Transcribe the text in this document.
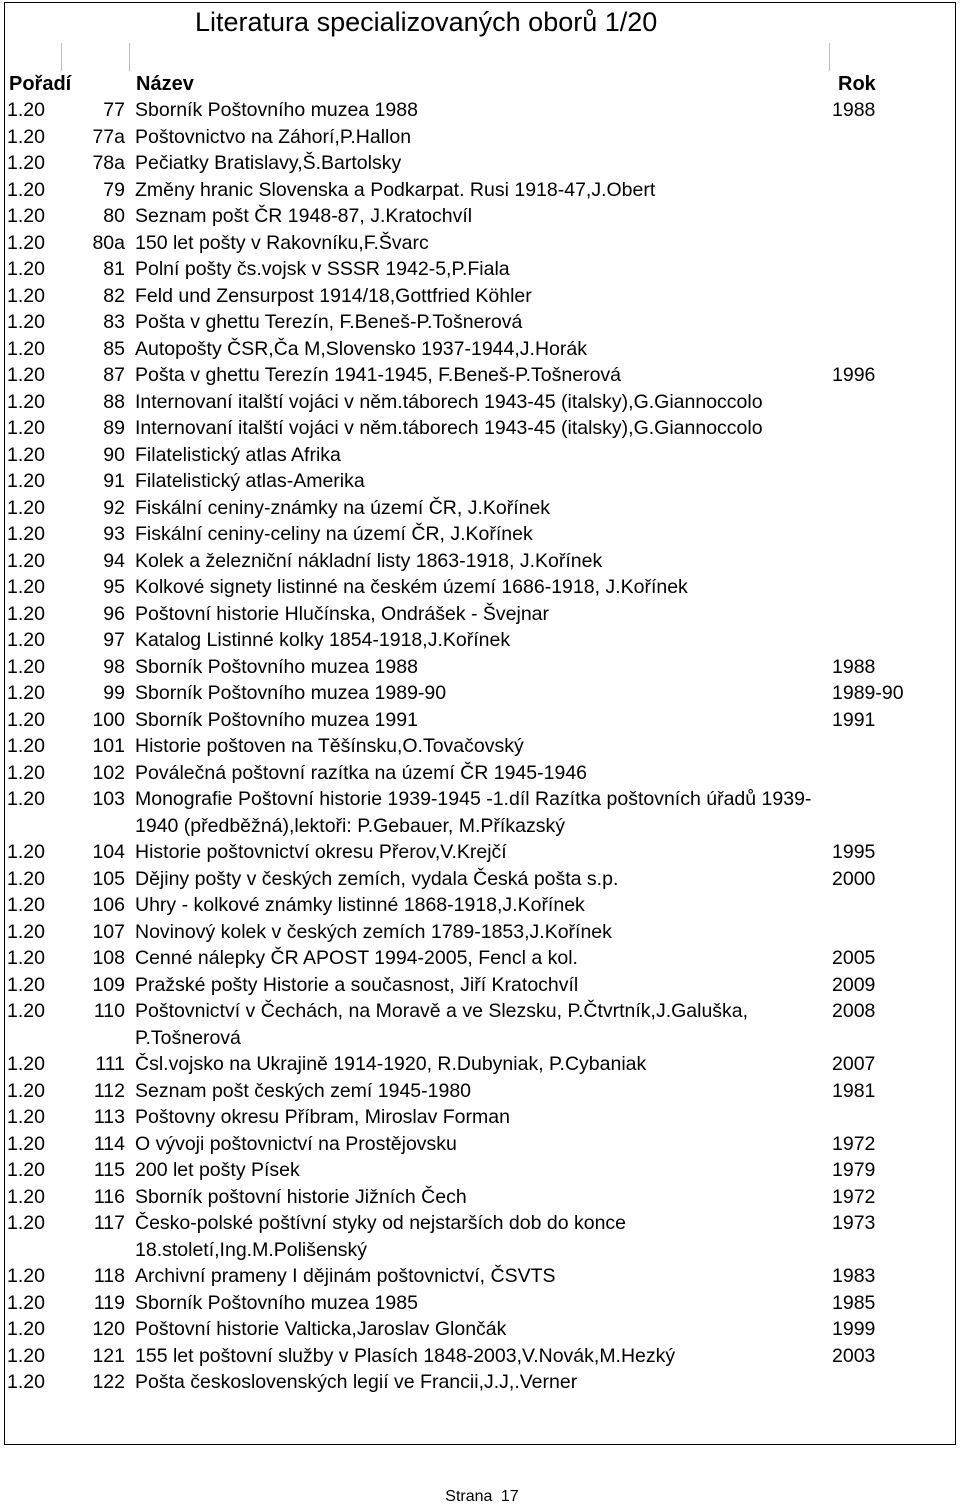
Literatura specializovaných oborů 1/20
Pořadí	Název	Rok
1.20	77	Sborník Poštovního muzea 1988	1988
1.20	77a	Poštovnictvo na Záhorí,P.Hallon	
1.20	78a	Pečiatky Bratislavy,Š.Bartolsky	
1.20	79	Změny hranic Slovenska a Podkarpat. Rusi 1918-47,J.Obert	
1.20	80	Seznam pošt ČR 1948-87, J.Kratochvíl	
1.20	80a	150 let pošty v Rakovníku,F.Švarc	
1.20	81	Polní pošty čs.vojsk v SSSR 1942-5,P.Fiala	
1.20	82	Feld und Zensurpost 1914/18,Gottfried Köhler	
1.20	83	Pošta v ghettu Terezín, F.Beneš-P.Tošnerová	
1.20	85	Autopošty ČSR,Ča M,Slovensko 1937-1944,J.Horák	
1.20	87	Pošta v ghettu Terezín 1941-1945, F.Beneš-P.Tošnerová	1996
1.20	88	Internovaní italští vojáci v něm.táborech 1943-45 (italsky),G.Giannoccolo	
1.20	89	Internovaní italští vojáci v něm.táborech 1943-45 (italsky),G.Giannoccolo	
1.20	90	Filatelistický atlas Afrika	
1.20	91	Filatelistický atlas-Amerika	
1.20	92	Fiskální ceniny-známky na území ČR, J.Kořínek	
1.20	93	Fiskální ceniny-celiny na území ČR, J.Kořínek	
1.20	94	Kolek a železniční nákladní listy 1863-1918, J.Kořínek	
1.20	95	Kolkové signety listinné na českém území 1686-1918, J.Kořínek	
1.20	96	Poštovní historie Hlučínska, Ondrášek - Švejnar	
1.20	97	Katalog Listinné kolky 1854-1918,J.Kořínek	
1.20	98	Sborník Poštovního muzea 1988	1988
1.20	99	Sborník Poštovního muzea 1989-90	1989-90
1.20	100	Sborník Poštovního muzea 1991	1991
1.20	101	Historie poštoven na Těšínsku,O.Tovačovský	
1.20	102	Poválečná poštovní razítka na území ČR 1945-1946	
1.20	103	Monografie Poštovní historie 1939-1945 -1.díl Razítka poštovních úřadů 1939-1940 (předběžná),lektoři: P.Gebauer, M.Příkazský	
1.20	104	Historie poštovnictví okresu Přerov,V.Krejčí	1995
1.20	105	Dějiny pošty v českých zemích, vydala Česká pošta s.p.	2000
1.20	106	Uhry - kolkové známky listinné 1868-1918,J.Kořínek	
1.20	107	Novinový kolek v českých zemích 1789-1853,J.Kořínek	
1.20	108	Cenné nálepky ČR APOST 1994-2005, Fencl a kol.	2005
1.20	109	Pražské pošty Historie a současnost, Jiří Kratochvíl	2009
1.20	110	Poštovnictví v Čechách, na Moravě a ve Slezsku, P.Čtvrtník,J.Galuška, P.Tošnerová	2008
1.20	111	Čsl.vojsko na Ukrajině 1914-1920, R.Dubyniak, P.Cybaniak	2007
1.20	112	Seznam pošt českých zemí 1945-1980	1981
1.20	113	Poštovny okresu Příbram, Miroslav Forman	
1.20	114	O vývoji poštovnictví na Prostějovsku	1972
1.20	115	200 let pošty Písek	1979
1.20	116	Sborník poštovní historie Jižních Čech	1972
1.20	117	Česko-polské poštívní styky od nejstarších dob do konce 18.století,Ing.M.Polišenský	1973
1.20	118	Archivní prameny I dějinám poštovnictví, ČSVTS	1983
1.20	119	Sborník Poštovního muzea 1985	1985
1.20	120	Poštovní historie Valticka,Jaroslav Glončák	1999
1.20	121	155 let poštovní služby v Plasích 1848-2003,V.Novák,M.Hezký	2003
1.20	122	Pošta československých legií ve Francii,J.J,.Verner	
Strana 17
